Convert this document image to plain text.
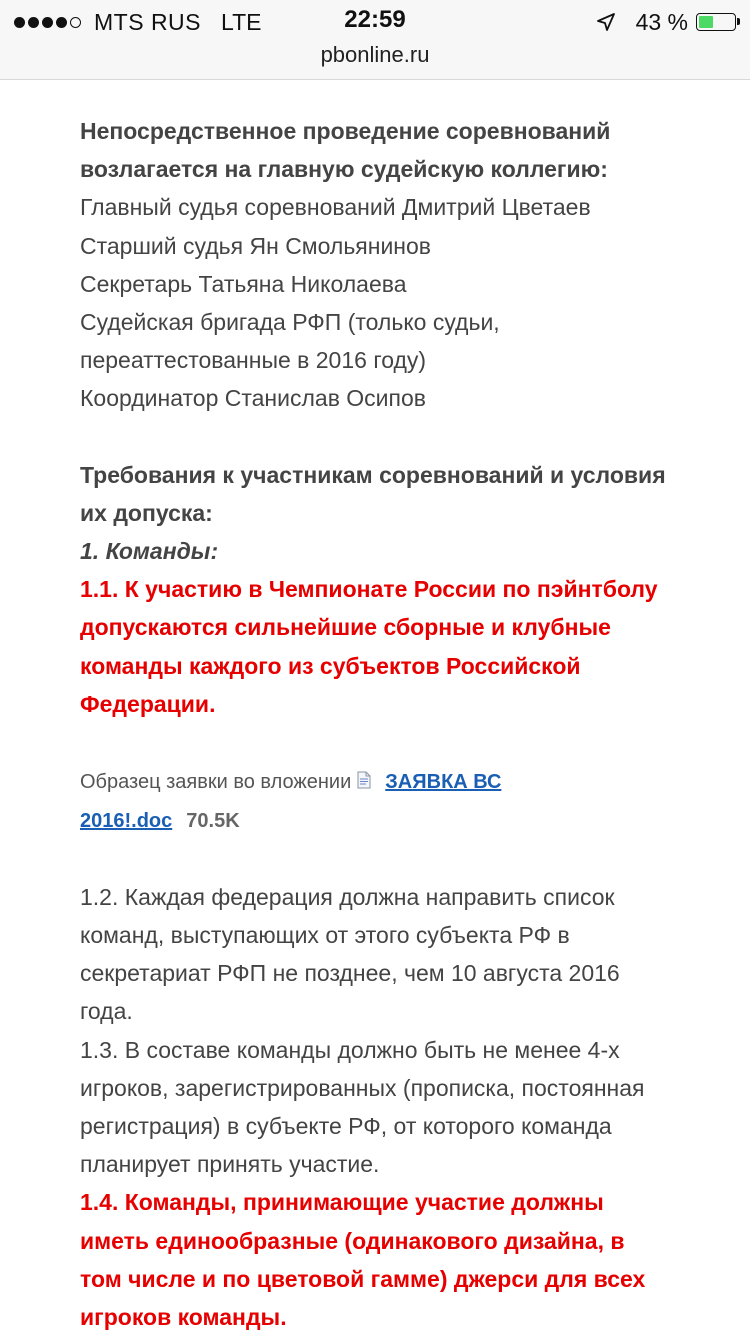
MTS RUS LTE	22:59	43 %
pbonline.ru
Непосредственное проведение соревнований
возлагается на главную судейскую коллегию:
Главный судья соревнований Дмитрий Цветаев
Старший судья Ян Смольянинов
Секретарь Татьяна Николаева
Судейская бригада РФП (только судьи,
переаттестованные в 2016 году)
Координатор Станислав Осипов
Требования к участникам соревнований и условия
их допуска:
1. Команды:
1.1. К участию в Чемпионате России по пэйнтболу
допускаются сильнейшие сборные и клубные
команды каждого из субъектов Российской
Федерации.
Образец заявки во вложении ЗАЯВКА ВС
2016!.doc 70.5K
1.2. Каждая федерация должна направить список
команд, выступающих от этого субъекта РФ в
секретариат РФП не позднее, чем 10 августа 2016
года.
1.3. В составе команды должно быть не менее 4-х
игроков, зарегистрированных (прописка, постоянная
регистрация) в субъекте РФ, от которого команда
планирует принять участие.
1.4. Команды, принимающие участие должны
иметь единообразные (одинакового дизайна, в
том числе и по цветовой гамме) джерси для всех
игроков команды.
